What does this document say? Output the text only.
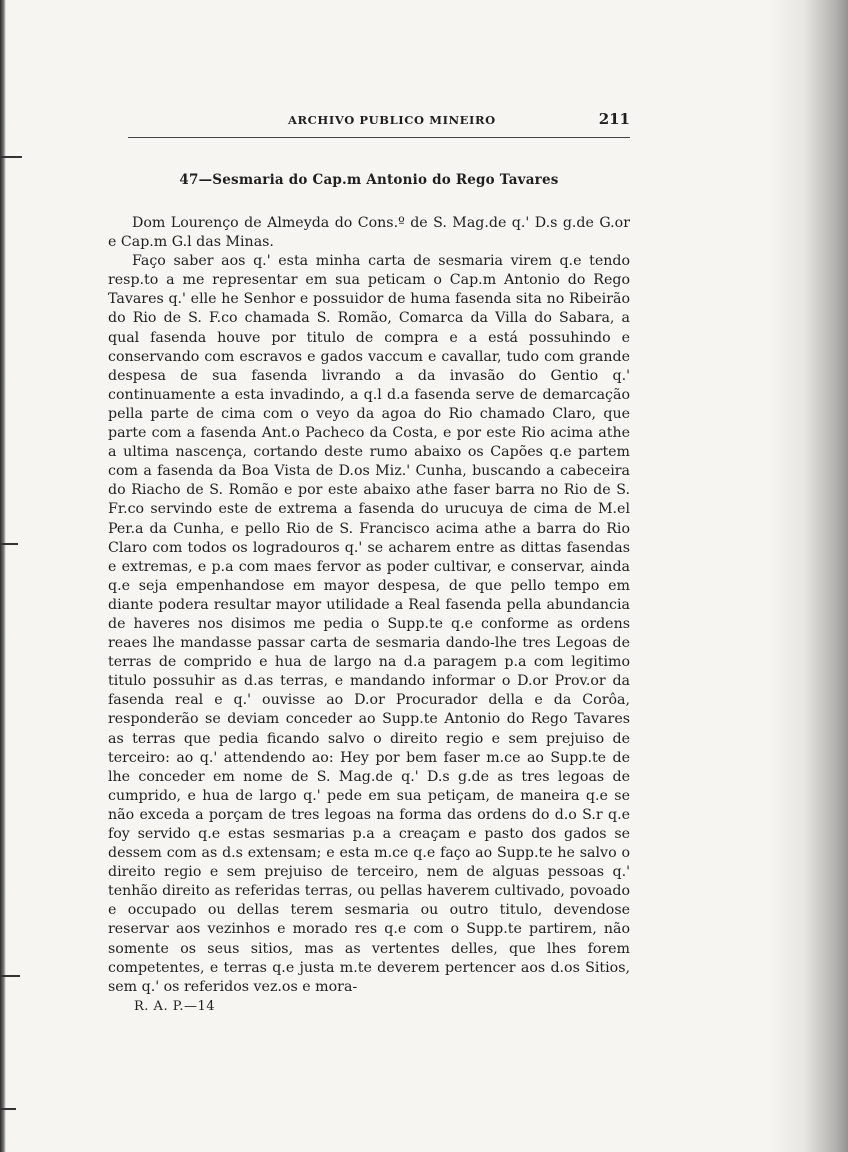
ARCHIVO PUBLICO MINEIRO	211
47—Sesmaria do Cap.m Antonio do Rego Tavares

Dom Lourenço de Almeyda do Cons.º de S. Mag.de q.' D.s g.de G.or e Cap.m G.l das Minas.

Faço saber aos q.' esta minha carta de sesmaria virem q.e tendo resp.to a me representar em sua peticam o Cap.m Antonio do Rego Tavares q.' elle he Senhor e possuidor de huma fasenda sita no Ribeirão do Rio de S. F.co chamada S. Romão, Comarca da Villa do Sabara, a qual fasenda houve por titulo de compra e a está possuhindo e conservando com escravos e gados vaccum e cavallar, tudo com grande despesa de sua fasenda livrando a da invasão do Gentio q.' continuamente a esta invadindo, a q.l d.a fasenda serve de demarcação pella parte de cima com o veyo da agoa do Rio chamado Claro, que parte com a fasenda Ant.o Pacheco da Costa, e por este Rio acima athe a ultima nascença, cortando deste rumo abaixo os Capões q.e partem com a fasenda da Boa Vista de D.os Miz.' Cunha, buscando a cabeceira do Riacho de S. Romão e por este abaixo athe faser barra no Rio de S. Fr.co servindo este de extrema a fasenda do urucuya de cima de M.el Per.a da Cunha, e pello Rio de S. Francisco acima athe a barra do Rio Claro com todos os logradouros q.' se acharem entre as dittas fasendas e extremas, e p.a com maes fervor as poder cultivar, e conservar, ainda q.e seja empenhandose em mayor despesa, de que pello tempo em diante podera resultar mayor utilidade a Real fasenda pella abundancia de haveres nos disimos me pedia o Supp.te q.e conforme as ordens reaes lhe mandasse passar carta de sesmaria dando-lhe tres Legoas de terras de comprido e hua de largo na d.a paragem p.a com legitimo titulo possuhir as d.as terras, e mandando informar o D.or Prov.or da fasenda real e q.' ouvisse ao D.or Procurador della e da Corôa, responderão se deviam conceder ao Supp.te Antonio do Rego Tavares as terras que pedia ficando salvo o direito regio e sem prejuiso de terceiro: ao q.' attendendo ao: Hey por bem faser m.ce ao Supp.te de lhe conceder em nome de S. Mag.de q.' D.s g.de as tres legoas de cumprido, e hua de largo q.' pede em sua petiçam, de maneira q.e se não exceda a porçam de tres legoas na forma das ordens do d.o S.r q.e foy servido q.e estas sesmarias p.a a creaçam e pasto dos gados se dessem com as d.s extensam; e esta m.ce q.e faço ao Supp.te he salvo o direito regio e sem prejuiso de terceiro, nem de alguas pessoas q.' tenhão direito as referidas terras, ou pellas haverem cultivado, povoado e occupado ou dellas terem sesmaria ou outro titulo, devendose reservar aos vezinhos e morado res q.e com o Supp.te partirem, não somente os seus sitios, mas as vertentes delles, que lhes forem competentes, e terras q.e justa m.te deverem pertencer aos d.os Sitios, sem q.' os referidos vez.os e mora-

R. A. P.—14
